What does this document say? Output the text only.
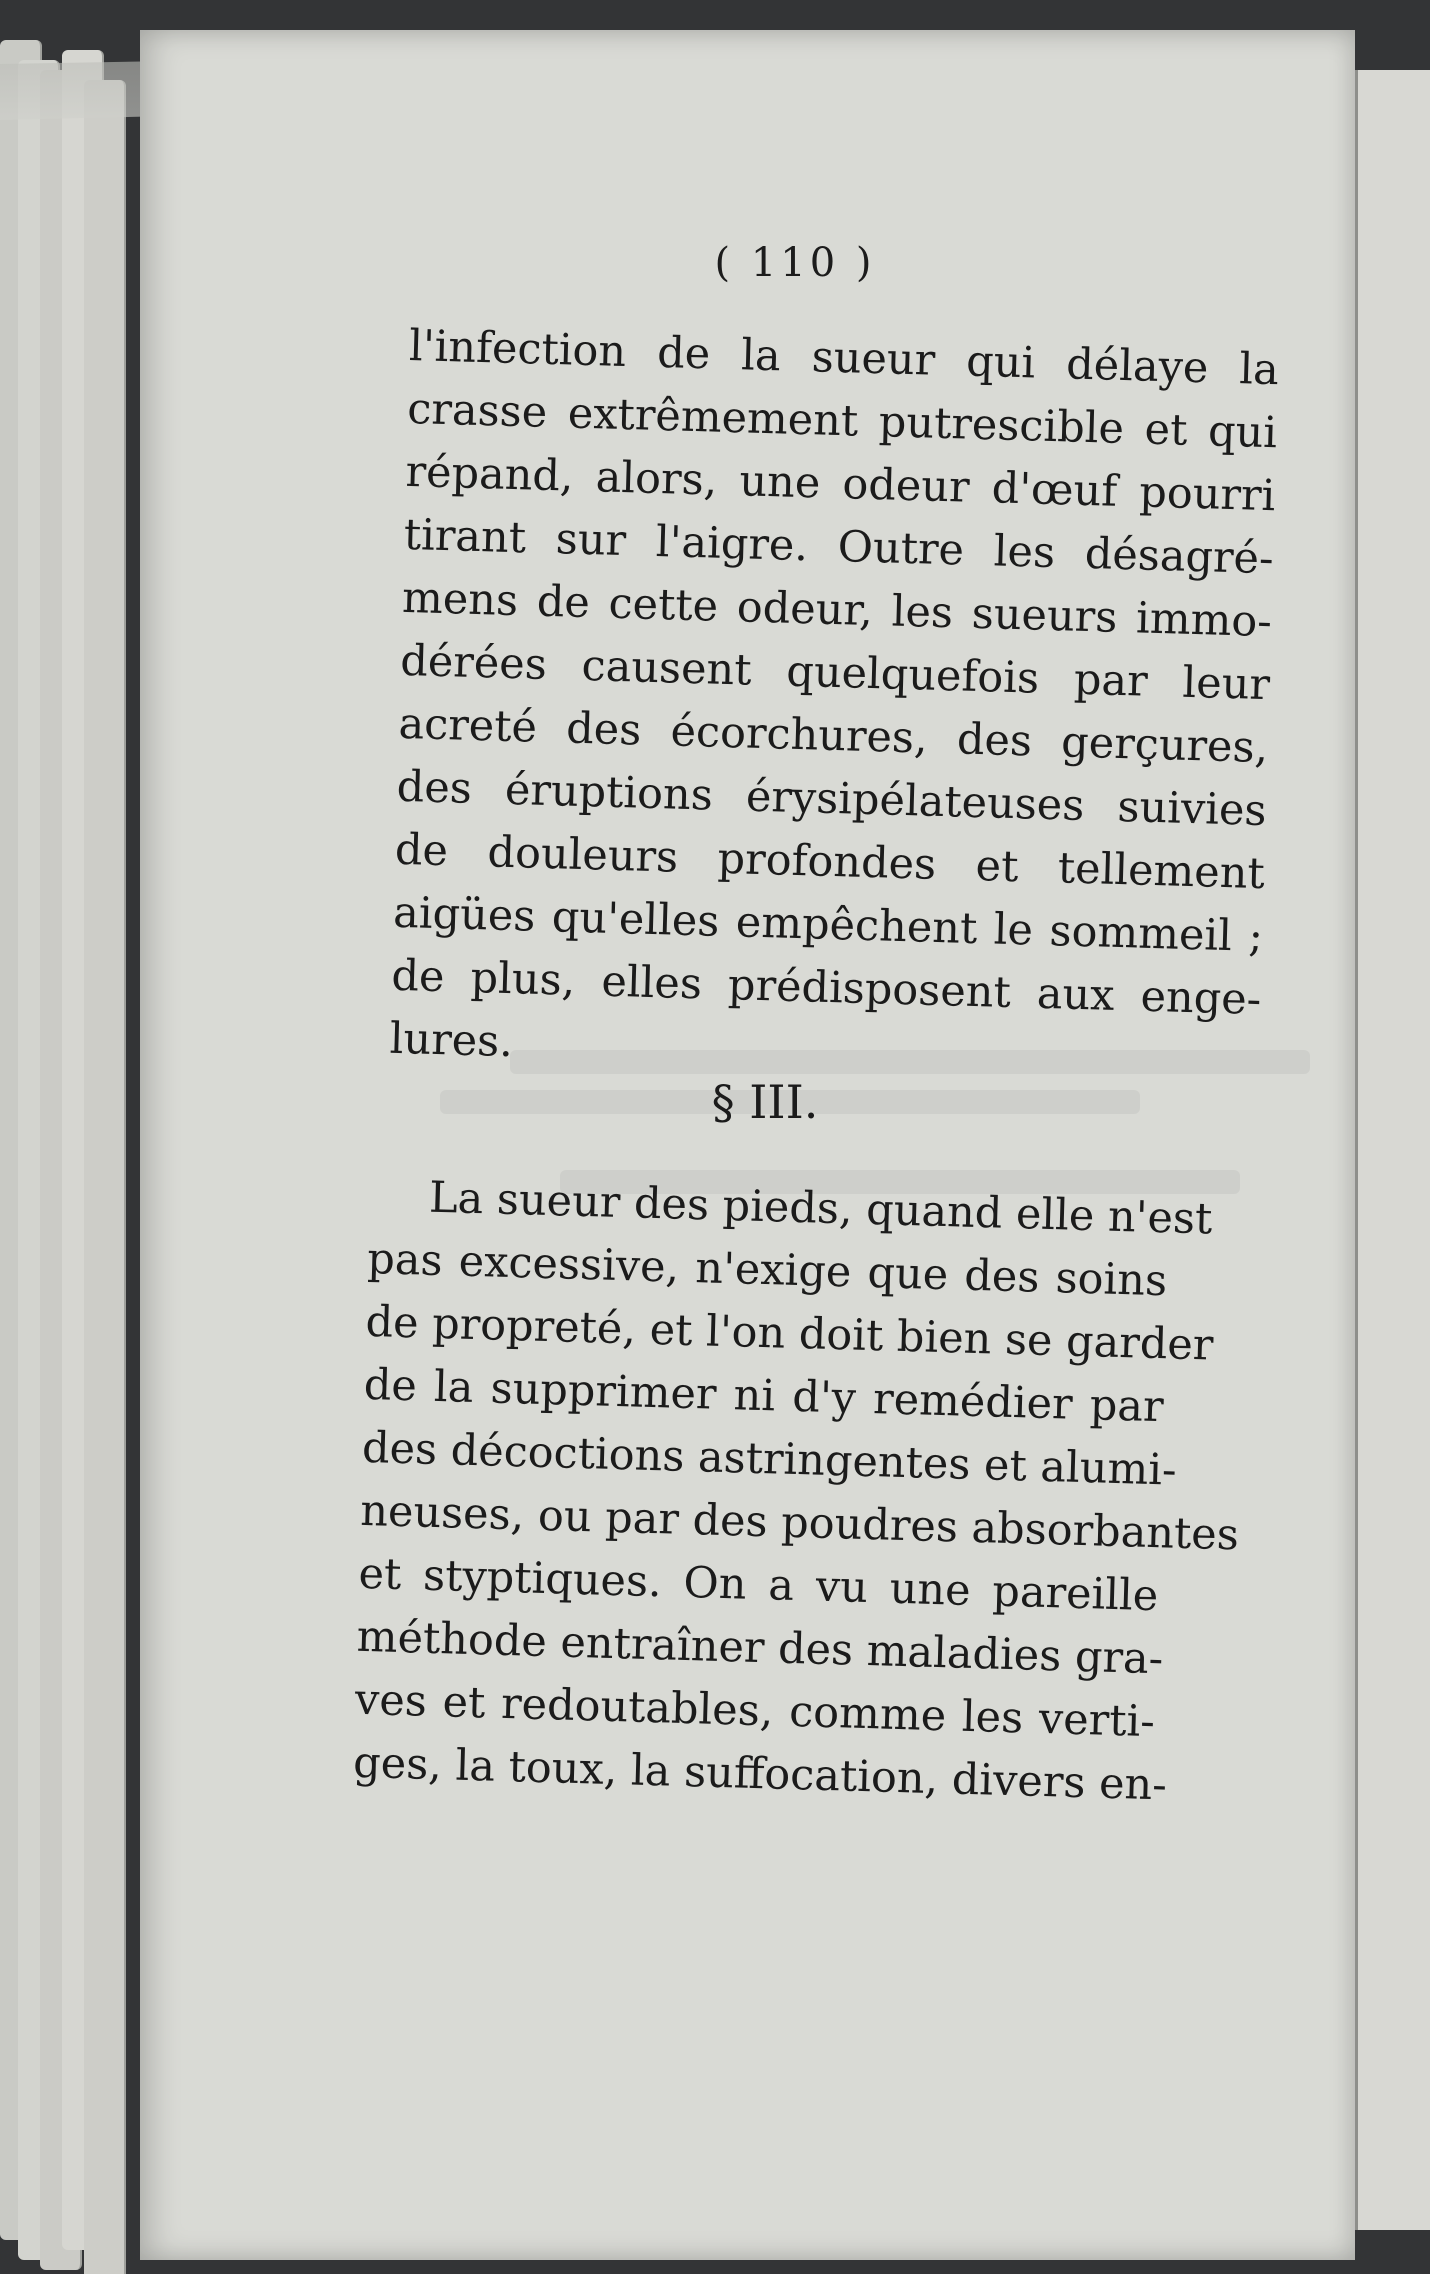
( 110 )
l'infection de la sueur qui délaye la
crasse extrêmement putrescible et qui
répand, alors, une odeur d'œuf pourri
tirant sur l'aigre. Outre les désagré-
mens de cette odeur, les sueurs immo-
dérées causent quelquefois par leur
acreté des écorchures, des gerçures,
des éruptions érysipélateuses suivies
de douleurs profondes et tellement
aigües qu'elles empêchent le sommeil ;
de plus, elles prédisposent aux enge-
lures.
§ III.
La sueur des pieds, quand elle n'est
pas excessive, n'exige que des soins
de propreté, et l'on doit bien se garder
de la supprimer ni d'y remédier par
des décoctions astringentes et alumi-
neuses, ou par des poudres absorbantes
et styptiques. On a vu une pareille
méthode entraîner des maladies gra-
ves et redoutables, comme les verti-
ges, la toux, la suffocation, divers en-
